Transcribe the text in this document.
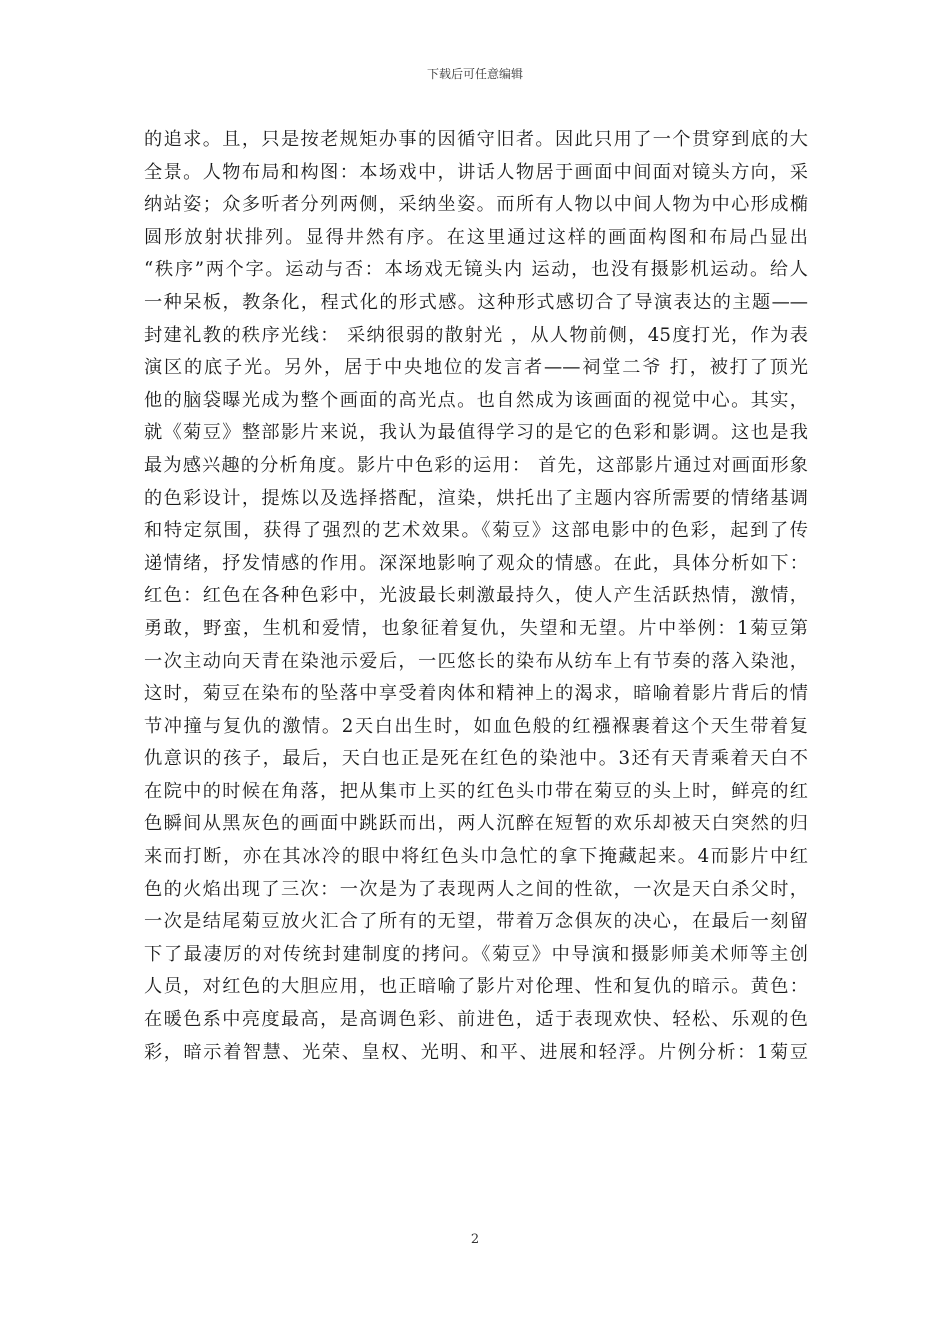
下载后可任意编辑
的追求。且，只是按老规矩办事的因循守旧者。因此只用了一个贯穿到底的大
全景。人物布局和构图：本场戏中，讲话人物居于画面中间面对镜头方向，采
纳站姿；众多听者分列两侧，采纳坐姿。而所有人物以中间人物为中心形成椭
圆形放射状排列。显得井然有序。在这里通过这样的画面构图和布局凸显出
“秩序”两个字。运动与否：本场戏无镜头内 运动，也没有摄影机运动。给人
一种呆板，教条化，程式化的形式感。这种形式感切合了导演表达的主题——
封建礼教的秩序光线： 采纳很弱的散射光 ，从人物前侧，45度打光，作为表
演区的底子光。另外，居于中央地位的发言者——祠堂二爷 打，被打了顶光
他的脑袋曝光成为整个画面的高光点。也自然成为该画面的视觉中心。其实，
就《菊豆》整部影片来说，我认为最值得学习的是它的色彩和影调。这也是我
最为感兴趣的分析角度。影片中色彩的运用： 首先，这部影片通过对画面形象
的色彩设计，提炼以及选择搭配，渲染，烘托出了主题内容所需要的情绪基调
和特定氛围，获得了强烈的艺术效果。《菊豆》这部电影中的色彩，起到了传
递情绪，抒发情感的作用。深深地影响了观众的情感。在此，具体分析如下：
红色：红色在各种色彩中，光波最长刺激最持久，使人产生活跃热情，激情，
勇敢，野蛮，生机和爱情，也象征着复仇，失望和无望。片中举例：1菊豆第
一次主动向天青在染池示爱后，一匹悠长的染布从纺车上有节奏的落入染池，
这时，菊豆在染布的坠落中享受着肉体和精神上的渴求，暗喻着影片背后的情
节冲撞与复仇的激情。2天白出生时，如血色般的红襁褓裹着这个天生带着复
仇意识的孩子，最后，天白也正是死在红色的染池中。3还有天青乘着天白不
在院中的时候在角落，把从集市上买的红色头巾带在菊豆的头上时，鲜亮的红
色瞬间从黑灰色的画面中跳跃而出，两人沉醉在短暂的欢乐却被天白突然的归
来而打断，亦在其冰冷的眼中将红色头巾急忙的拿下掩藏起来。4而影片中红
色的火焰出现了三次：一次是为了表现两人之间的性欲，一次是天白杀父时，
一次是结尾菊豆放火汇合了所有的无望，带着万念俱灰的决心，在最后一刻留
下了最凄厉的对传统封建制度的拷问。《菊豆》中导演和摄影师美术师等主创
人员，对红色的大胆应用，也正暗喻了影片对伦理、性和复仇的暗示。黄色：
在暖色系中亮度最高，是高调色彩、前进色，适于表现欢快、轻松、乐观的色
彩，暗示着智慧、光荣、皇权、光明、和平、进展和轻浮。片例分析：1菊豆
2
